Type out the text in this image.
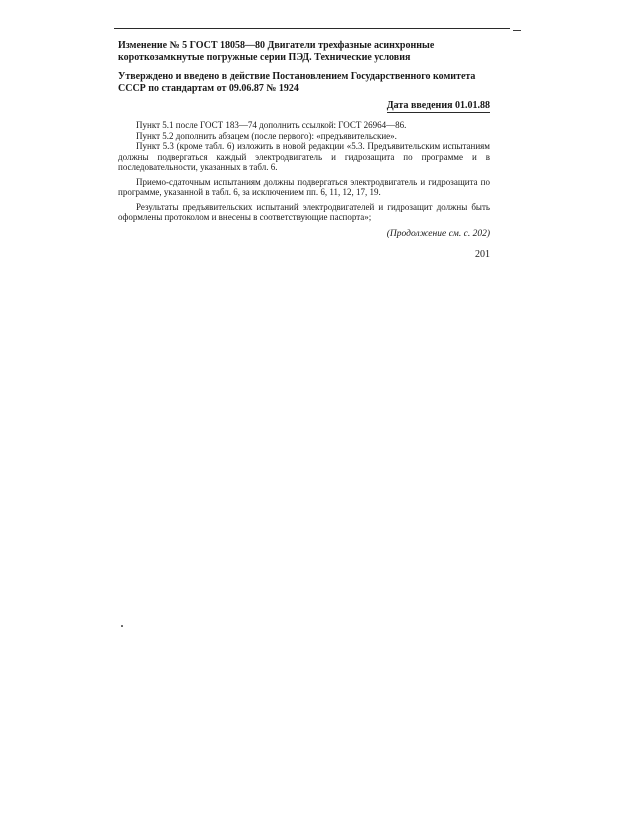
Изменение № 5 ГОСТ 18058—80 Двигатели трехфазные асинхронные короткозамкнутые погружные серии ПЭД. Технические условия

Утверждено и введено в действие Постановлением Государственного комитета СССР по стандартам от 09.06.87 № 1924

Дата введения 01.01.88

Пункт 5.1 после ГОСТ 183—74 дополнить ссылкой: ГОСТ 26964—86.

Пункт 5.2 дополнить абзацем (после первого): «предъявительские».

Пункт 5.3 (кроме табл. 6) изложить в новой редакции «5.3. Предъявительским испытаниям должны подвергаться каждый электродвигатель и гидрозащита по программе и в последовательности, указанных в табл. 6.

Приемо-сдаточным испытаниям должны подвергаться электродвигатель и гидрозащита по программе, указанной в табл. 6, за исключением пп. 6, 11, 12, 17, 19.

Результаты предъявительских испытаний электродвигателей и гидрозащит должны быть оформлены протоколом и внесены в соответствующие паспорта»;

(Продолжение см. с. 202)
201
